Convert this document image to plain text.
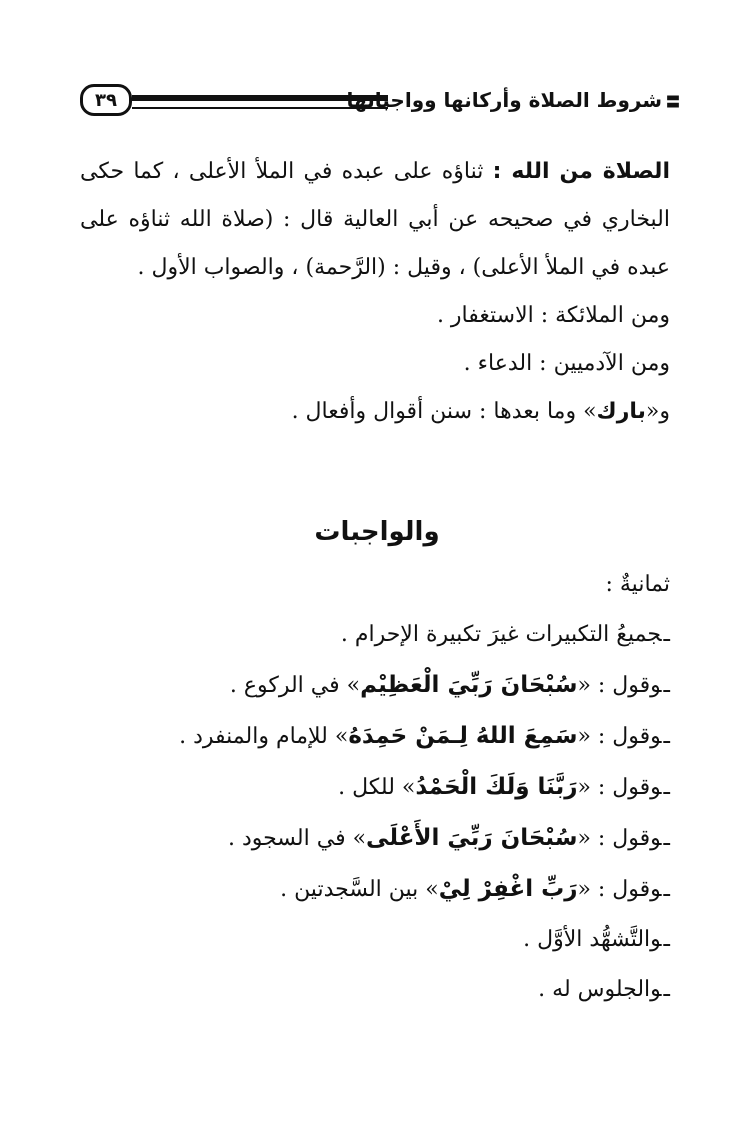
〓شروط الصلاة وأركانها وواجباتها
٣٩

الصلاة من الله : ثناؤه على عبده في الملأ الأعلى ، كما حكى البخاري في صحيحه عن أبي العالية قال : (صلاة الله ثناؤه على عبده في الملأ الأعلى) ، وقيل : (الرَّحمة) ، والصواب الأول .

ومن الملائكة : الاستغفار .

ومن الآدميين : الدعاء .

و«بارك» وما بعدها : سنن أقوال وأفعال .

والواجبات

ثمانيةٌ :

ـجميعُ التكبيرات غيرَ تكبيرة الإحرام .
ـوقول : «سُبْحَانَ رَبِّيَ الْعَظِيْم» في الركوع .
ـوقول : «سَمِعَ اللهُ لِـمَنْ حَمِدَهُ» للإمام والمنفرد .
ـوقول : «رَبَّنَا وَلَكَ الْحَمْدُ» للكل .
ـوقول : «سُبْحَانَ رَبِّيَ الأَعْلَى» في السجود .
ـوقول : «رَبِّ اغْفِرْ لِيْ» بين السَّجدتين .
ـوالتَّشهُّد الأوَّل .
ـوالجلوس له .
